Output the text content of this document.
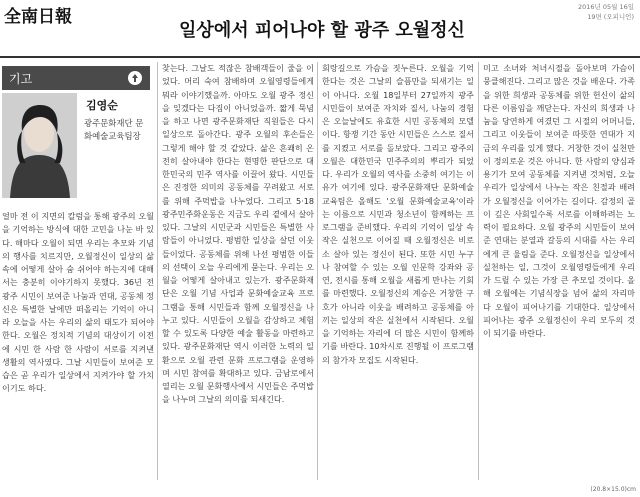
全南日報	2016년 05월 16일
19면 (오피니언)
일상에서 피어나야 할 광주 오월정신
기고
김영순
광주문화재단 문화예술교육팀장

얼마 전 이 지면의 칼럼을 통해 광주의 오월을 기억하는 방식에 대한 고민을 나눈 바 있다. 해마다 오월이 되면 우리는 추모와 기념의 행사를 치르지만, 오월정신이 일상의 삶 속에 어떻게 살아 숨 쉬어야 하는지에 대해서는 충분히 이야기하지 못했다. 36년 전 광주 시민이 보여준 나눔과 연대, 공동체 정신은 특별한 날에만 떠올리는 기억이 아니라 오늘을 사는 우리의 삶의 태도가 되어야 한다. 오월은 정치적 기념의 대상이기 이전에 시민 한 사람 한 사람이 서로를 지켜낸 생활의 역사였다. 그날 시민들이 보여준 모습은 곧 우리가 일상에서 지켜가야 할 가치이기도 하다.

찾는다. 그날도 적잖은 참배객들이 줄을 이었다. 머리 숙여 참배하며 오월영령들에게 뭐라 이야기했을까. 아마도 오월 광주 정신을 잊겠다는 다짐이 아니었을까. 짧게 묵념을 하고 나면 광주문화재단 직원들은 다시 일상으로 돌아간다. 광주 오월의 후손들은 그렇게 해야 할 것 같았다. 삶은 흔쾌히 온전히 살아내야 한다는 현명한 판단으로 대한민국의 민주 역사를 이끌어 왔다. 시민들은 진정한 의미의 공동체를 꾸려왔고 서로를 위해 주먹밥을 나누었다. 그리고 5·18 광주민주화운동은 지금도 우리 곁에서 살아 있다. 그날의 시민군과 시민들은 특별한 사람들이 아니었다. 평범한 일상을 살던 이웃들이었다. 공동체를 위해 나선 평범한 이들의 선택이 오늘 우리에게 묻는다. 우리는 오월을 어떻게 살아내고 있는가. 광주문화재단은 오월 기념 사업과 문화예술교육 프로그램을 통해 시민들과 함께 오월정신을 나누고 있다. 시민들이 오월을 감상하고 체험할 수 있도록 다양한 예술 활동을 마련하고 있다. 광주문화재단 역시 이러한 노력의 일환으로 오월 관련 문화 프로그램을 운영하며 시민 참여를 확대하고 있다. 금남로에서 열리는 오월 문화행사에서 시민들은 주먹밥을 나누며 그날의 의미를 되새긴다.

회랑길으로 가슴을 짓누른다. 오월을 기억한다는 것은 그날의 슬픔만을 되새기는 일이 아니다. 오월 18일부터 27일까지 광주 시민들이 보여준 자치와 질서, 나눔의 경험은 오늘날에도 유효한 시민 공동체의 모델이다. 항쟁 기간 동안 시민들은 스스로 질서를 지켰고 서로를 돌보았다. 그리고 광주의 오월은 대한민국 민주주의의 뿌리가 되었다. 우리가 오월의 역사를 소중히 여기는 이유가 여기에 있다. 광주문화재단 문화예술교육팀은 올해도 '오월 문화예술교육'이라는 이름으로 시민과 청소년이 함께하는 프로그램을 준비했다. 우리의 기억이 일상 속 작은 실천으로 이어질 때 오월정신은 비로소 살아 있는 정신이 된다. 또한 시민 누구나 참여할 수 있는 오월 인문학 강좌와 공연, 전시를 통해 오월을 새롭게 만나는 기회를 마련했다. 오월정신의 계승은 거창한 구호가 아니라 이웃을 배려하고 공동체를 아끼는 일상의 작은 실천에서 시작된다. 오월을 기억하는 자리에 더 많은 시민이 함께하기를 바란다. 10차시로 진행될 이 프로그램의 참가자 모집도 시작된다.

미고 소녀와 처녀시절을 돌아보며 가슴이 뭉클해진다. 그리고 많은 것을 배운다. 가족을 위한 희생과 공동체를 위한 헌신이 삶의 다른 이름임을 깨닫는다. 자신의 희생과 나눔을 당연하게 여겼던 그 시절의 어머니들, 그리고 이웃들이 보여준 따뜻한 연대가 지금의 우리를 있게 했다. 거창한 것이 실천만이 정의로운 것은 아니다. 한 사람의 양심과 용기가 모여 공동체를 지켜낸 것처럼, 오늘 우리가 일상에서 나누는 작은 친절과 배려가 오월정신을 이어가는 길이다. 감정의 골이 깊은 사회일수록 서로를 이해하려는 노력이 필요하다. 오월 광주의 시민들이 보여준 연대는 분열과 갈등의 시대를 사는 우리에게 큰 울림을 준다. 오월정신을 일상에서 실천하는 일, 그것이 오월영령들에게 우리가 드릴 수 있는 가장 큰 추모일 것이다. 올해 오월에는 기념식장을 넘어 삶의 자리마다 오월이 피어나기를 기대한다. 일상에서 피어나는 광주 오월정신이 우리 모두의 것이 되기를 바란다.

(20.8×15.0)cm
